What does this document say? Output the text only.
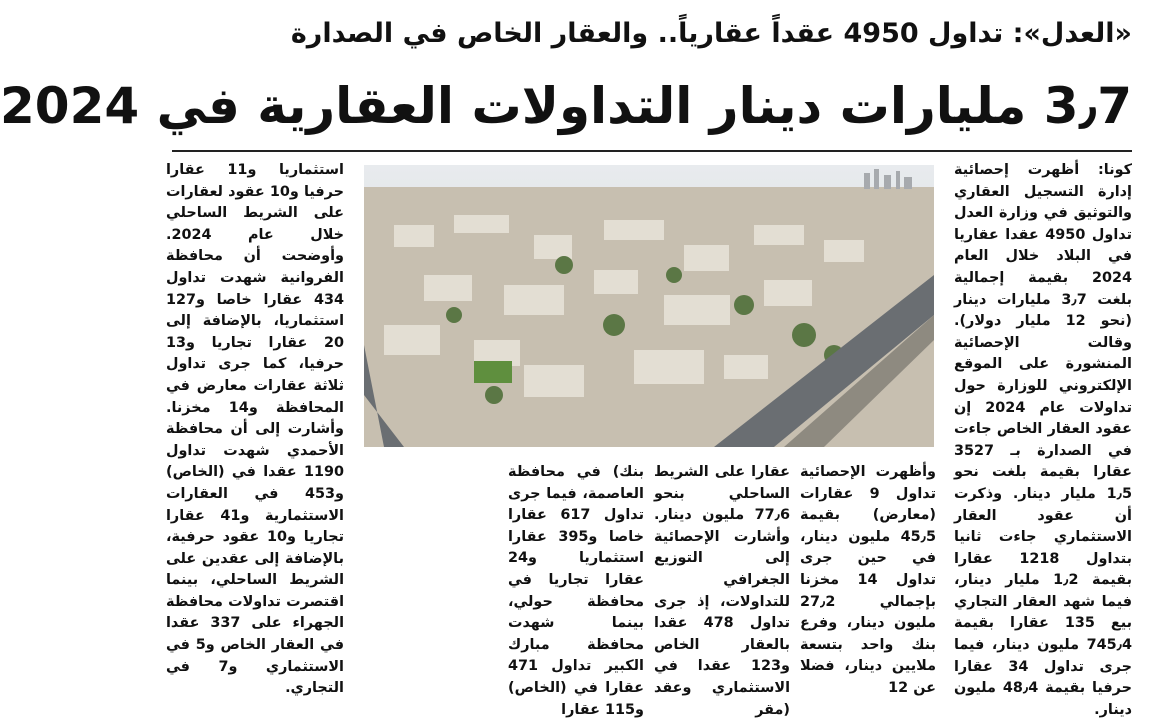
«العدل»: تداول 4950 عقداً عقارياً.. والعقار الخاص في الصدارة
3٫7 مليارات دينار التداولات العقارية في 2024
كونا: أظهرت إحصائية إدارة التسجيل العقاري والتوثيق في وزارة العدل تداول 4950 عقدا عقاريا في البلاد خلال العام 2024 بقيمة إجمالية بلغت 3٫7 مليارات دينار (نحو 12 مليار دولار). وقالت الإحصائية المنشورة على الموقع الإلكتروني للوزارة حول تداولات عام 2024 إن عقود العقار الخاص جاءت في الصدارة بـ 3527 عقارا بقيمة بلغت نحو 1٫5 مليار دينار. وذكرت أن عقود العقار الاستثماري جاءت ثانيا بتداول 1218 عقارا بقيمة 1٫2 مليار دينار، فيما شهد العقار التجاري بيع 135 عقارا بقيمة 745٫4 مليون دينار، فيما جرى تداول 34 عقارا حرفيا بقيمة 48٫4 مليون دينار.
استثماريا و11 عقارا حرفيا و10 عقود لعقارات على الشريط الساحلي خلال عام 2024. وأوضحت أن محافظة الفروانية شهدت تداول 434 عقارا خاصا و127 استثماريا، بالإضافة إلى 20 عقارا تجاريا و13 حرفيا، كما جرى تداول ثلاثة عقارات معارض في المحافظة و14 مخزنا. وأشارت إلى أن محافظة الأحمدي شهدت تداول 1190 عقدا في (الخاص) و453 في العقارات الاستثمارية و41 عقارا تجاريا و10 عقود حرفية، بالإضافة إلى عقدين على الشريط الساحلي، بينما اقتصرت تداولات محافظة الجهراء على 337 عقدا في العقار الخاص و5 في الاستثماري و7 في التجاري.
وأظهرت الإحصائية تداول 9 عقارات (معارض) بقيمة 45٫5 مليون دينار، في حين جرى تداول 14 مخزنا بإجمالي 27٫2 مليون دينار، وفرع بنك واحد بتسعة ملايين دينار، فضلا عن 12
عقارا على الشريط الساحلي بنحو 77٫6 مليون دينار. وأشارت الإحصائية إلى التوزيع الجغرافي للتداولات، إذ جرى تداول 478 عقدا بالعقار الخاص و123 عقدا في الاستثماري وعقد (مقر
بنك) في محافظة العاصمة، فيما جرى تداول 617 عقارا خاصا و395 عقارا استثماريا و24 عقارا تجاريا في محافظة حولي، بينما شهدت محافظة مبارك الكبير تداول 471 عقارا في (الخاص) و115 عقارا
